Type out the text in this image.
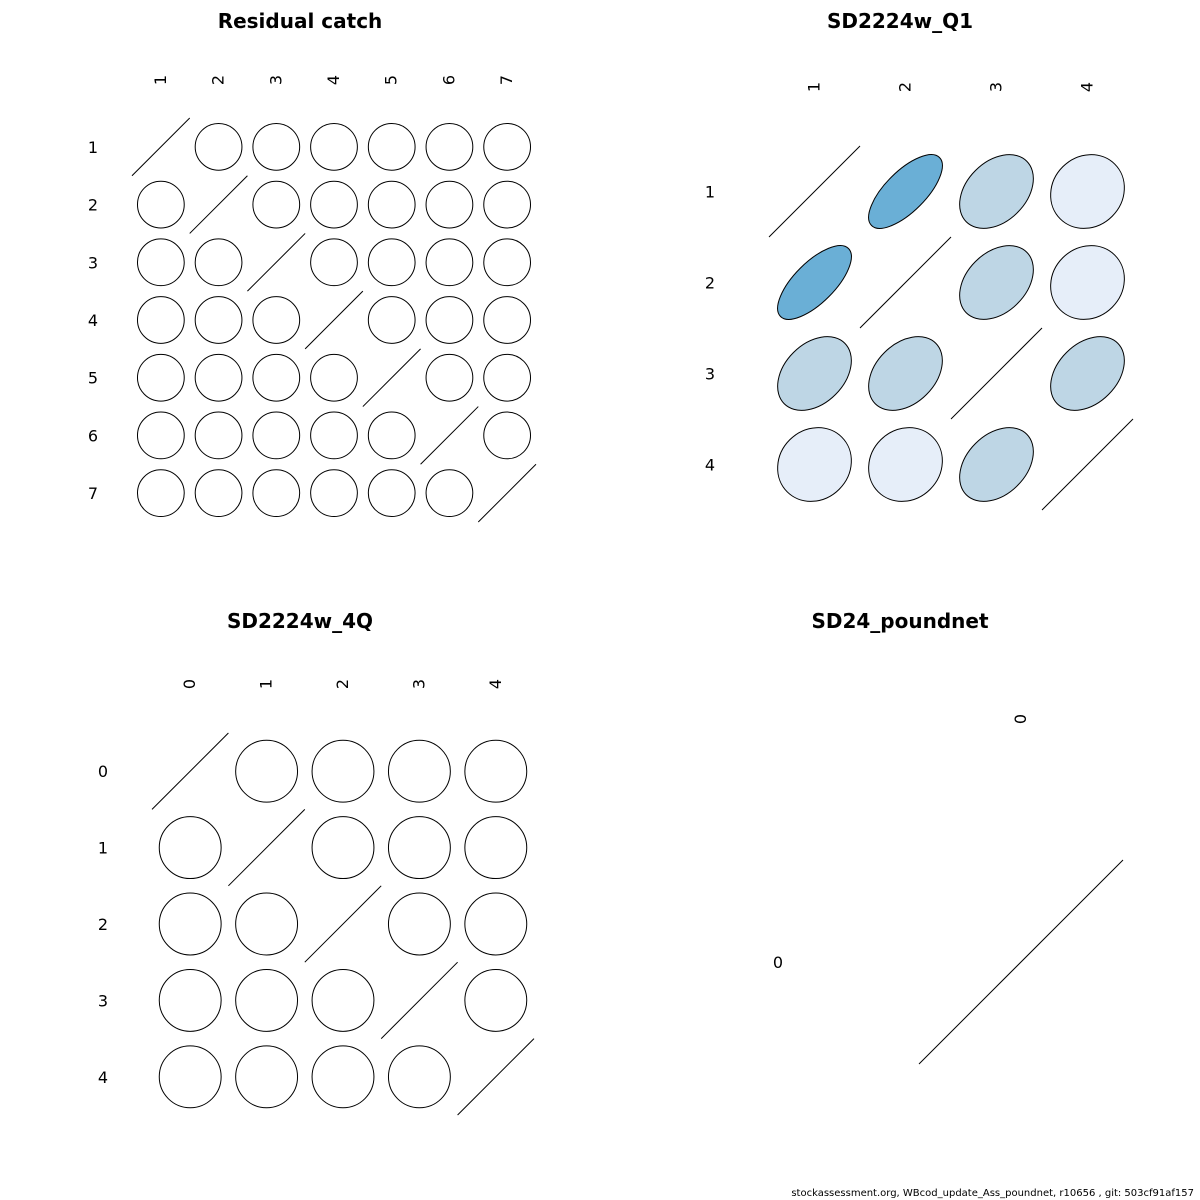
Residual catch
1 2 3 4 5 6 7
1
2
3
4
5
6
7
SD2224w_Q1
1	2	3	4
1
2
3
4
SD2224w_4Q
0	1	2	3	4
0
1
2
3
4
SD24_poundnet
0
0
stockassessment.org, WBcod_update_Ass_poundnet, r10656 , git: 503cf91af157
